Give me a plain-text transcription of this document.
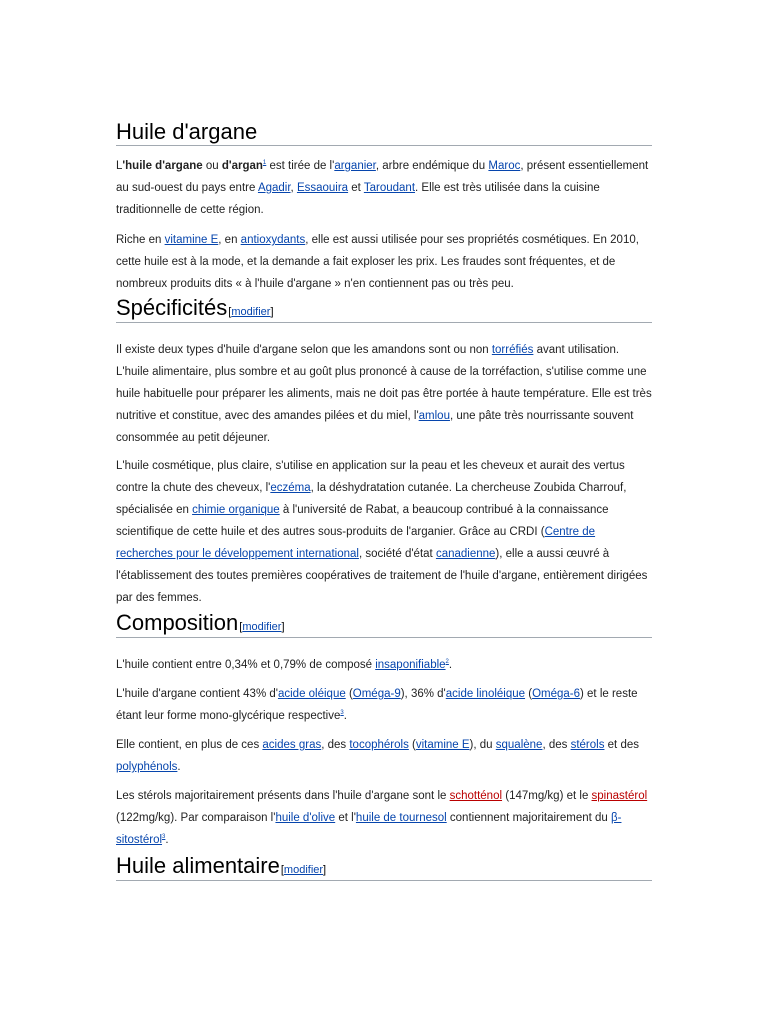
Huile d'argane

L'huile d'argane ou d'argan$^1$ est tirée de l'arganier, arbre endémique du Maroc, présent essentiellement au sud-ouest du pays entre Agadir, Essaouira et Taroudant. Elle est très utilisée dans la cuisine traditionnelle de cette région.

Riche en vitamine E, en antioxydants, elle est aussi utilisée pour ses propriétés cosmétiques. En 2010, cette huile est à la mode, et la demande a fait exploser les prix. Les fraudes sont fréquentes, et de nombreux produits dits « à l'huile d'argane » n'en contiennent pas ou très peu.

Spécificités[modifier]

Il existe deux types d'huile d'argane selon que les amandons sont ou non torréfiés avant utilisation. L'huile alimentaire, plus sombre et au goût plus prononcé à cause de la torréfaction, s'utilise comme une huile habituelle pour préparer les aliments, mais ne doit pas être portée à haute température. Elle est très nutritive et constitue, avec des amandes pilées et du miel, l'amlou, une pâte très nourrissante souvent consommée au petit déjeuner.

L'huile cosmétique, plus claire, s'utilise en application sur la peau et les cheveux et aurait des vertus contre la chute des cheveux, l'eczéma, la déshydratation cutanée. La chercheuse Zoubida Charrouf, spécialisée en chimie organique à l'université de Rabat, a beaucoup contribué à la connaissance scientifique de cette huile et des autres sous-produits de l'arganier. Grâce au CRDI (Centre de recherches pour le développement international, société d'état canadienne), elle a aussi œuvré à l'établissement des toutes premières coopératives de traitement de l'huile d'argane, entièrement dirigées par des femmes.

Composition[modifier]

L'huile contient entre 0,34% et 0,79% de composé insaponifiable$^2$.

L'huile d'argane contient 43% d'acide oléique (Oméga-9), 36% d'acide linoléique (Oméga-6) et le reste étant leur forme mono-glycérique respective$^3$.

Elle contient, en plus de ces acides gras, des tocophérols (vitamine E), du squalène, des stérols et des polyphénols.

Les stérols majoritairement présents dans l'huile d'argane sont le schotténol (147mg/kg) et le spinastérol (122mg/kg). Par comparaison l'huile d'olive et l'huile de tournesol contiennent majoritairement du β-sitostérol$^3$.

Huile alimentaire[modifier]
